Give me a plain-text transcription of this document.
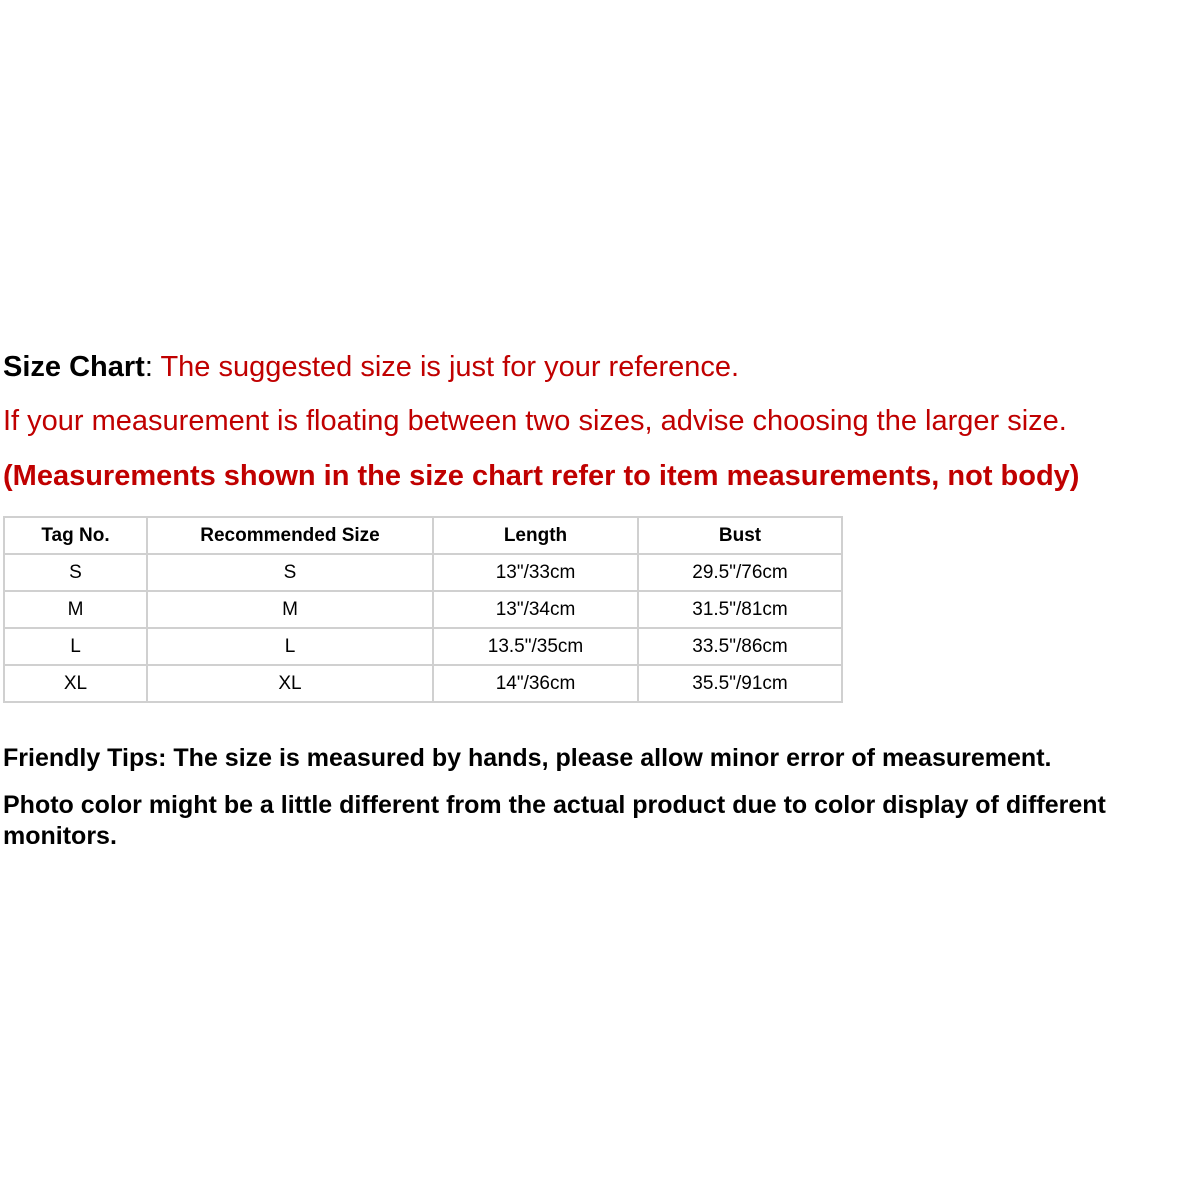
Size Chart: The suggested size is just for your reference.

If your measurement is floating between two sizes, advise choosing the larger size.

(Measurements shown in the size chart refer to item measurements, not body)

Tag No.	Recommended Size	Length	Bust
S	S	13"/33cm	29.5"/76cm
M	M	13"/34cm	31.5"/81cm
L	L	13.5"/35cm	33.5"/86cm
XL	XL	14"/36cm	35.5"/91cm

Friendly Tips: The size is measured by hands, please allow minor error of measurement.

Photo color might be a little different from the actual product due to color display of different monitors.
